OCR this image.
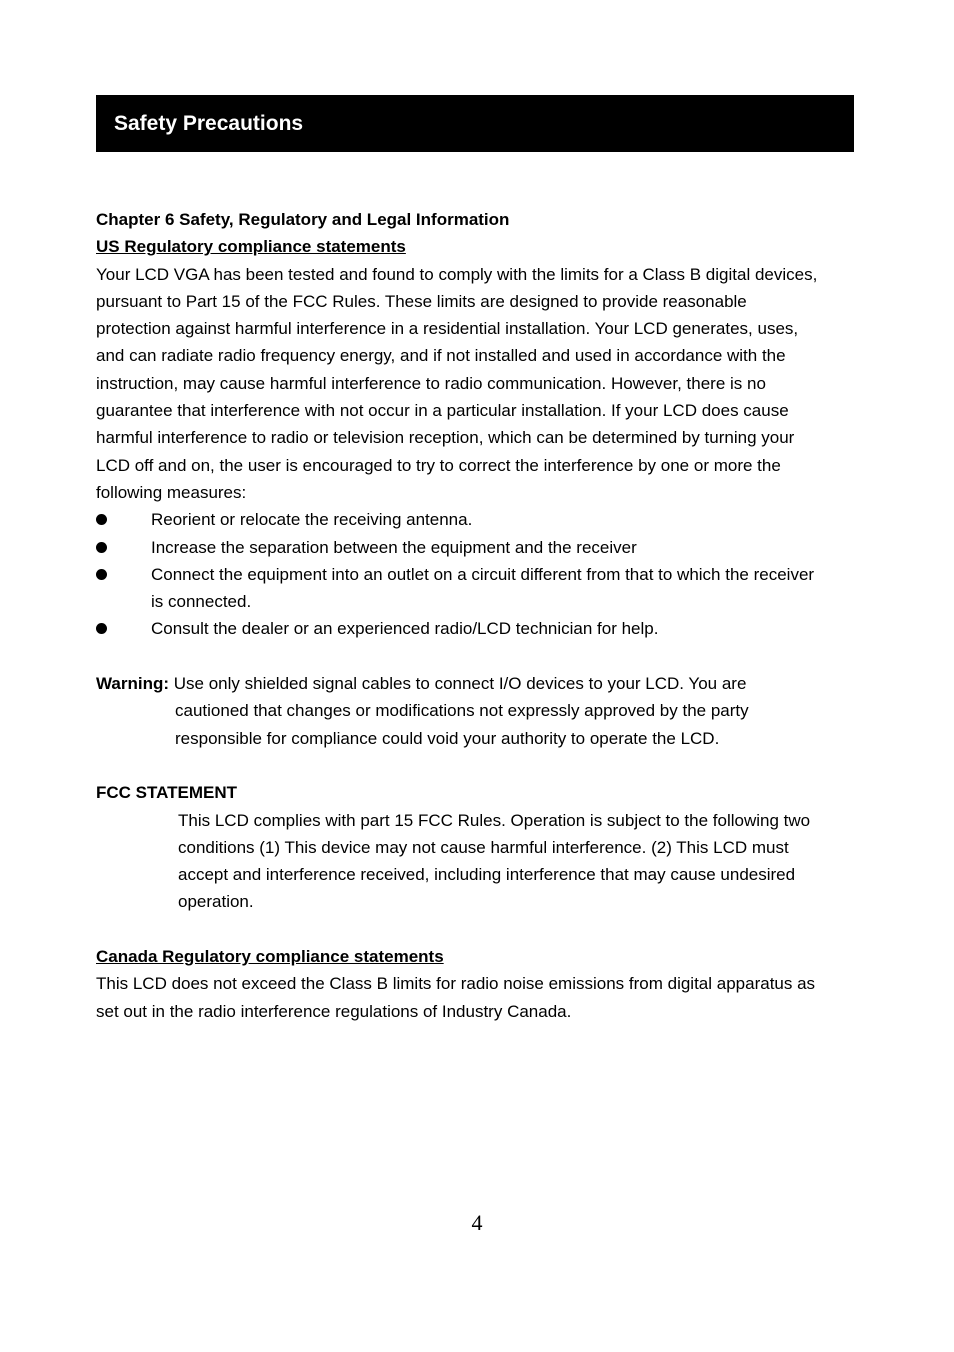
Safety Precautions
Chapter 6 Safety, Regulatory and Legal Information
US Regulatory compliance statements
Your LCD VGA has been tested and found to comply with the limits for a Class B digital devices,
pursuant to Part 15 of the FCC Rules. These limits are designed to provide reasonable
protection against harmful interference in a residential installation. Your LCD generates, uses,
and can radiate radio frequency energy, and if not installed and used in accordance with the
instruction, may cause harmful interference to radio communication. However, there is no
guarantee that interference with not occur in a particular installation. If your LCD does cause
harmful interference to radio or television reception, which can be determined by turning your
LCD off and on, the user is encouraged to try to correct the interference by one or more the
following measures:
Reorient or relocate the receiving antenna.
Increase the separation between the equipment and the receiver
Connect the equipment into an outlet on a circuit different from that to which the receiver
is connected.
Consult the dealer or an experienced radio/LCD technician for help.
Warning: Use only shielded signal cables to connect I/O devices to your LCD. You are
cautioned that changes or modifications not expressly approved by the party
responsible for compliance could void your authority to operate the LCD.
FCC STATEMENT
This LCD complies with part 15 FCC Rules. Operation is subject to the following two
conditions (1) This device may not cause harmful interference. (2) This LCD must
accept and interference received, including interference that may cause undesired
operation.
Canada Regulatory compliance statements
This LCD does not exceed the Class B limits for radio noise emissions from digital apparatus as
set out in the radio interference regulations of Industry Canada.
4
